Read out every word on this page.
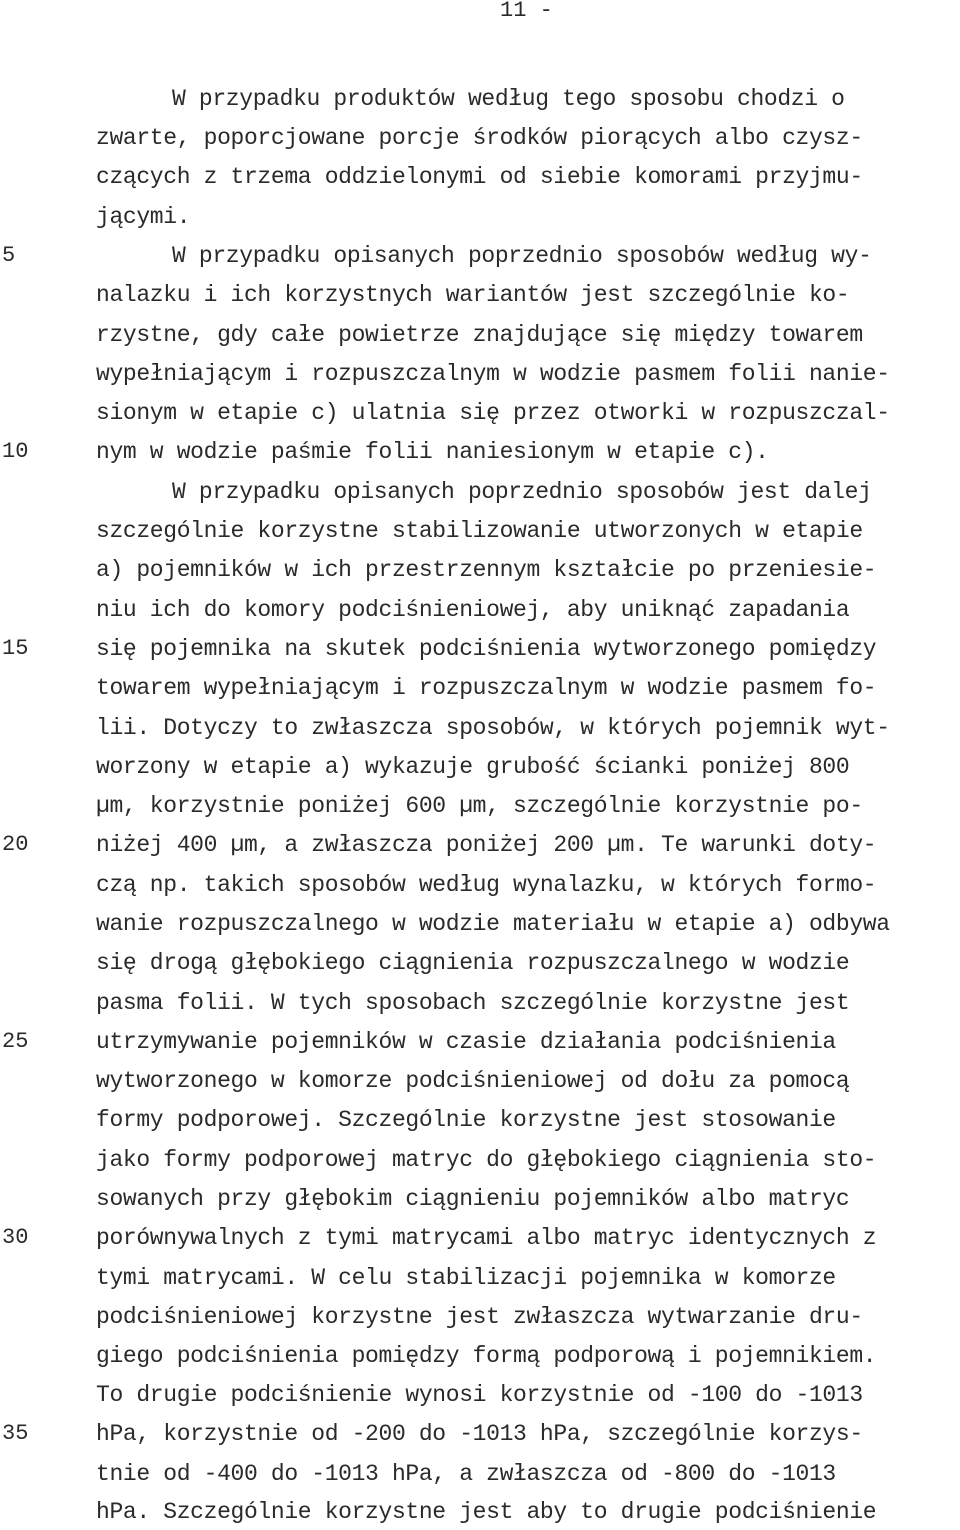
11 -
5
10
15
20
25
30
35
W przypadku produktów według tego sposobu chodzi o
zwarte, poporcjowane porcje środków piorących albo czysz-
czących z trzema oddzielonymi od siebie komorami przyjmu-
jącymi.
W przypadku opisanych poprzednio sposobów według wy-
nalazku i ich korzystnych wariantów jest szczególnie ko-
rzystne, gdy całe powietrze znajdujące się między towarem
wypełniającym i rozpuszczalnym w wodzie pasmem folii nanie-
sionym w etapie c) ulatnia się przez otworki w rozpuszczal-
nym w wodzie paśmie folii naniesionym w etapie c).
W przypadku opisanych poprzednio sposobów jest dalej
szczególnie korzystne stabilizowanie utworzonych w etapie
a) pojemników w ich przestrzennym kształcie po przeniesie-
niu ich do komory podciśnieniowej, aby uniknąć zapadania
się pojemnika na skutek podciśnienia wytworzonego pomiędzy
towarem wypełniającym i rozpuszczalnym w wodzie pasmem fo-
lii. Dotyczy to zwłaszcza sposobów, w których pojemnik wyt-
worzony w etapie a) wykazuje grubość ścianki poniżej 800
µm, korzystnie poniżej 600 µm, szczególnie korzystnie po-
niżej 400 µm, a zwłaszcza poniżej 200 µm. Te warunki doty-
czą np. takich sposobów według wynalazku, w których formo-
wanie rozpuszczalnego w wodzie materiału w etapie a) odbywa
się drogą głębokiego ciągnienia rozpuszczalnego w wodzie
pasma folii. W tych sposobach szczególnie korzystne jest
utrzymywanie pojemników w czasie działania podciśnienia
wytworzonego w komorze podciśnieniowej od dołu za pomocą
formy podporowej. Szczególnie korzystne jest stosowanie
jako formy podporowej matryc do głębokiego ciągnienia sto-
sowanych przy głębokim ciągnieniu pojemników albo matryc
porównywalnych z tymi matrycami albo matryc identycznych z
tymi matrycami. W celu stabilizacji pojemnika w komorze
podciśnieniowej korzystne jest zwłaszcza wytwarzanie dru-
giego podciśnienia pomiędzy formą podporową i pojemnikiem.
To drugie podciśnienie wynosi korzystnie od -100 do -1013
hPa, korzystnie od -200 do -1013 hPa, szczególnie korzys-
tnie od -400 do -1013 hPa, a zwłaszcza od -800 do -1013
hPa. Szczególnie korzystne jest aby to drugie podciśnienie
